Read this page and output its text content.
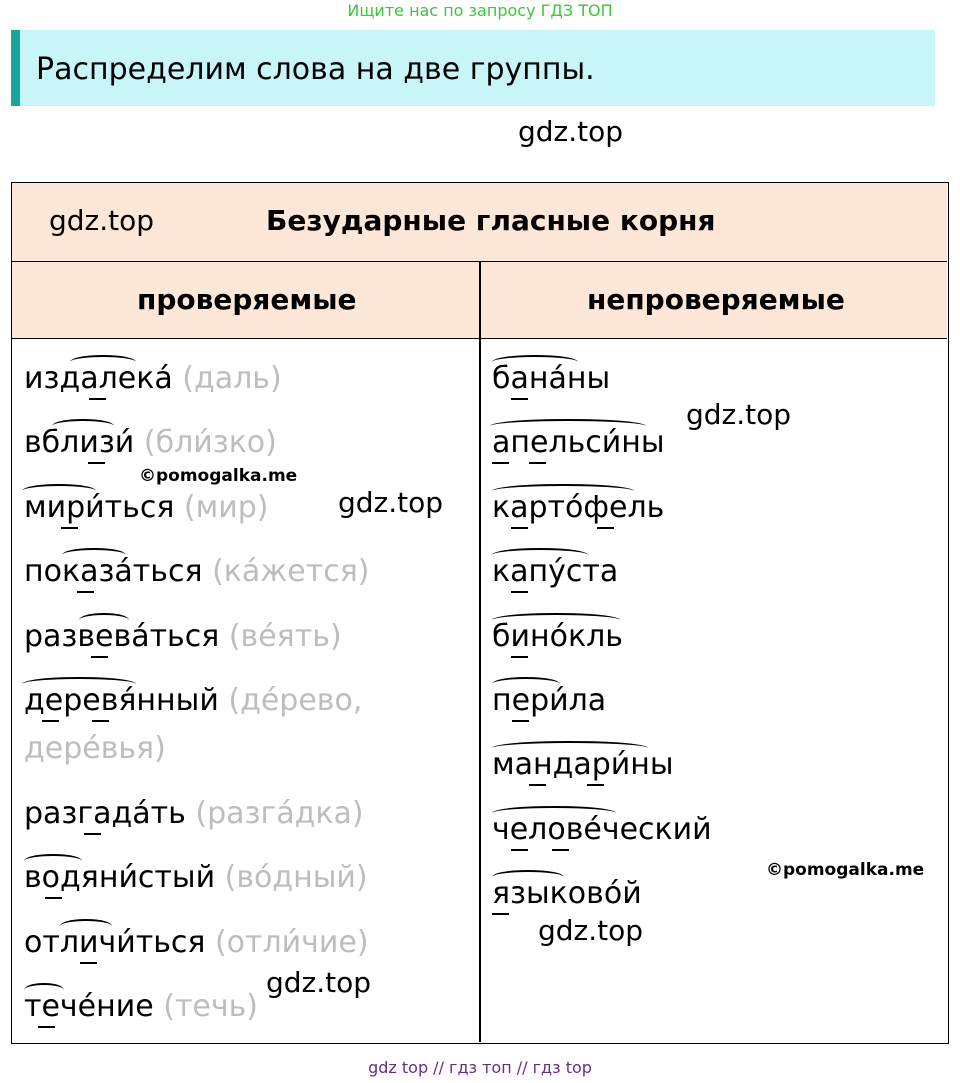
Ищите нас по запросу ГДЗ ТОП
Распределим слова на две группы.
gdz.top
gdz.top	Безударные гласные корня
проверяемые	непроверяемые
издалека́ (даль)
вблизи́ (бли́зко)
мири́ться (мир)
показа́ться (ка́жется)
развева́ться (ве́ять)
деревя́нный (де́рево,
дере́вья)
разгада́ть (разга́дка)
водяни́стый (во́дный)
отличи́ться (отли́чие)
тече́ние (течь)
бана́ны
апельси́ны
карто́фель
капу́ста
бино́кль
пери́ла
мандари́ны
челове́ческий
языково́й
©pomogalka.me
gdz.top
gdz.top
©pomogalka.me
gdz.top
gdz.top
gdz top // гдз топ // гдз top
